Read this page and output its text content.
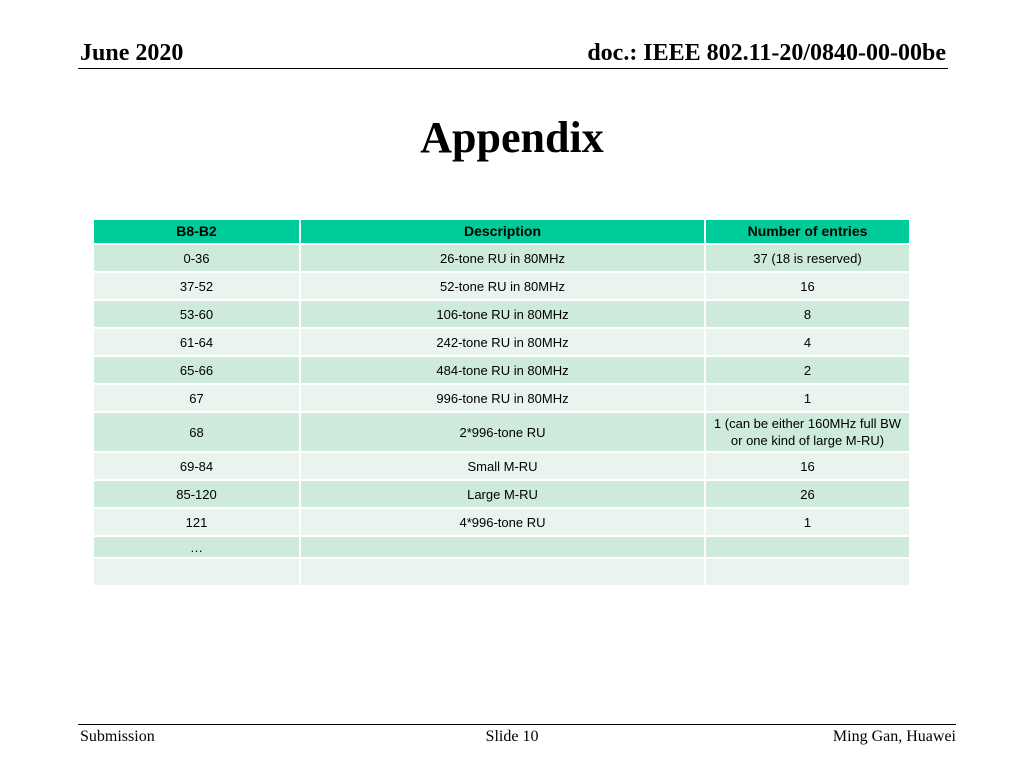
June 2020	doc.: IEEE 802.11-20/0840-00-00be
Appendix
B8-B2	Description	Number of entries
0-36	26-tone RU in 80MHz	37 (18 is reserved)
37-52	52-tone RU in 80MHz	16
53-60	106-tone RU in 80MHz	8
61-64	242-tone RU in 80MHz	4
65-66	484-tone RU in 80MHz	2
67	996-tone RU in 80MHz	1
68	2*996-tone RU	1 (can be either 160MHz full BW or one kind of large M-RU)
69-84	Small M-RU	16
85-120	Large M-RU	26
121	4*996-tone RU	1
…		

Submission	Slide 10	Ming Gan, Huawei
